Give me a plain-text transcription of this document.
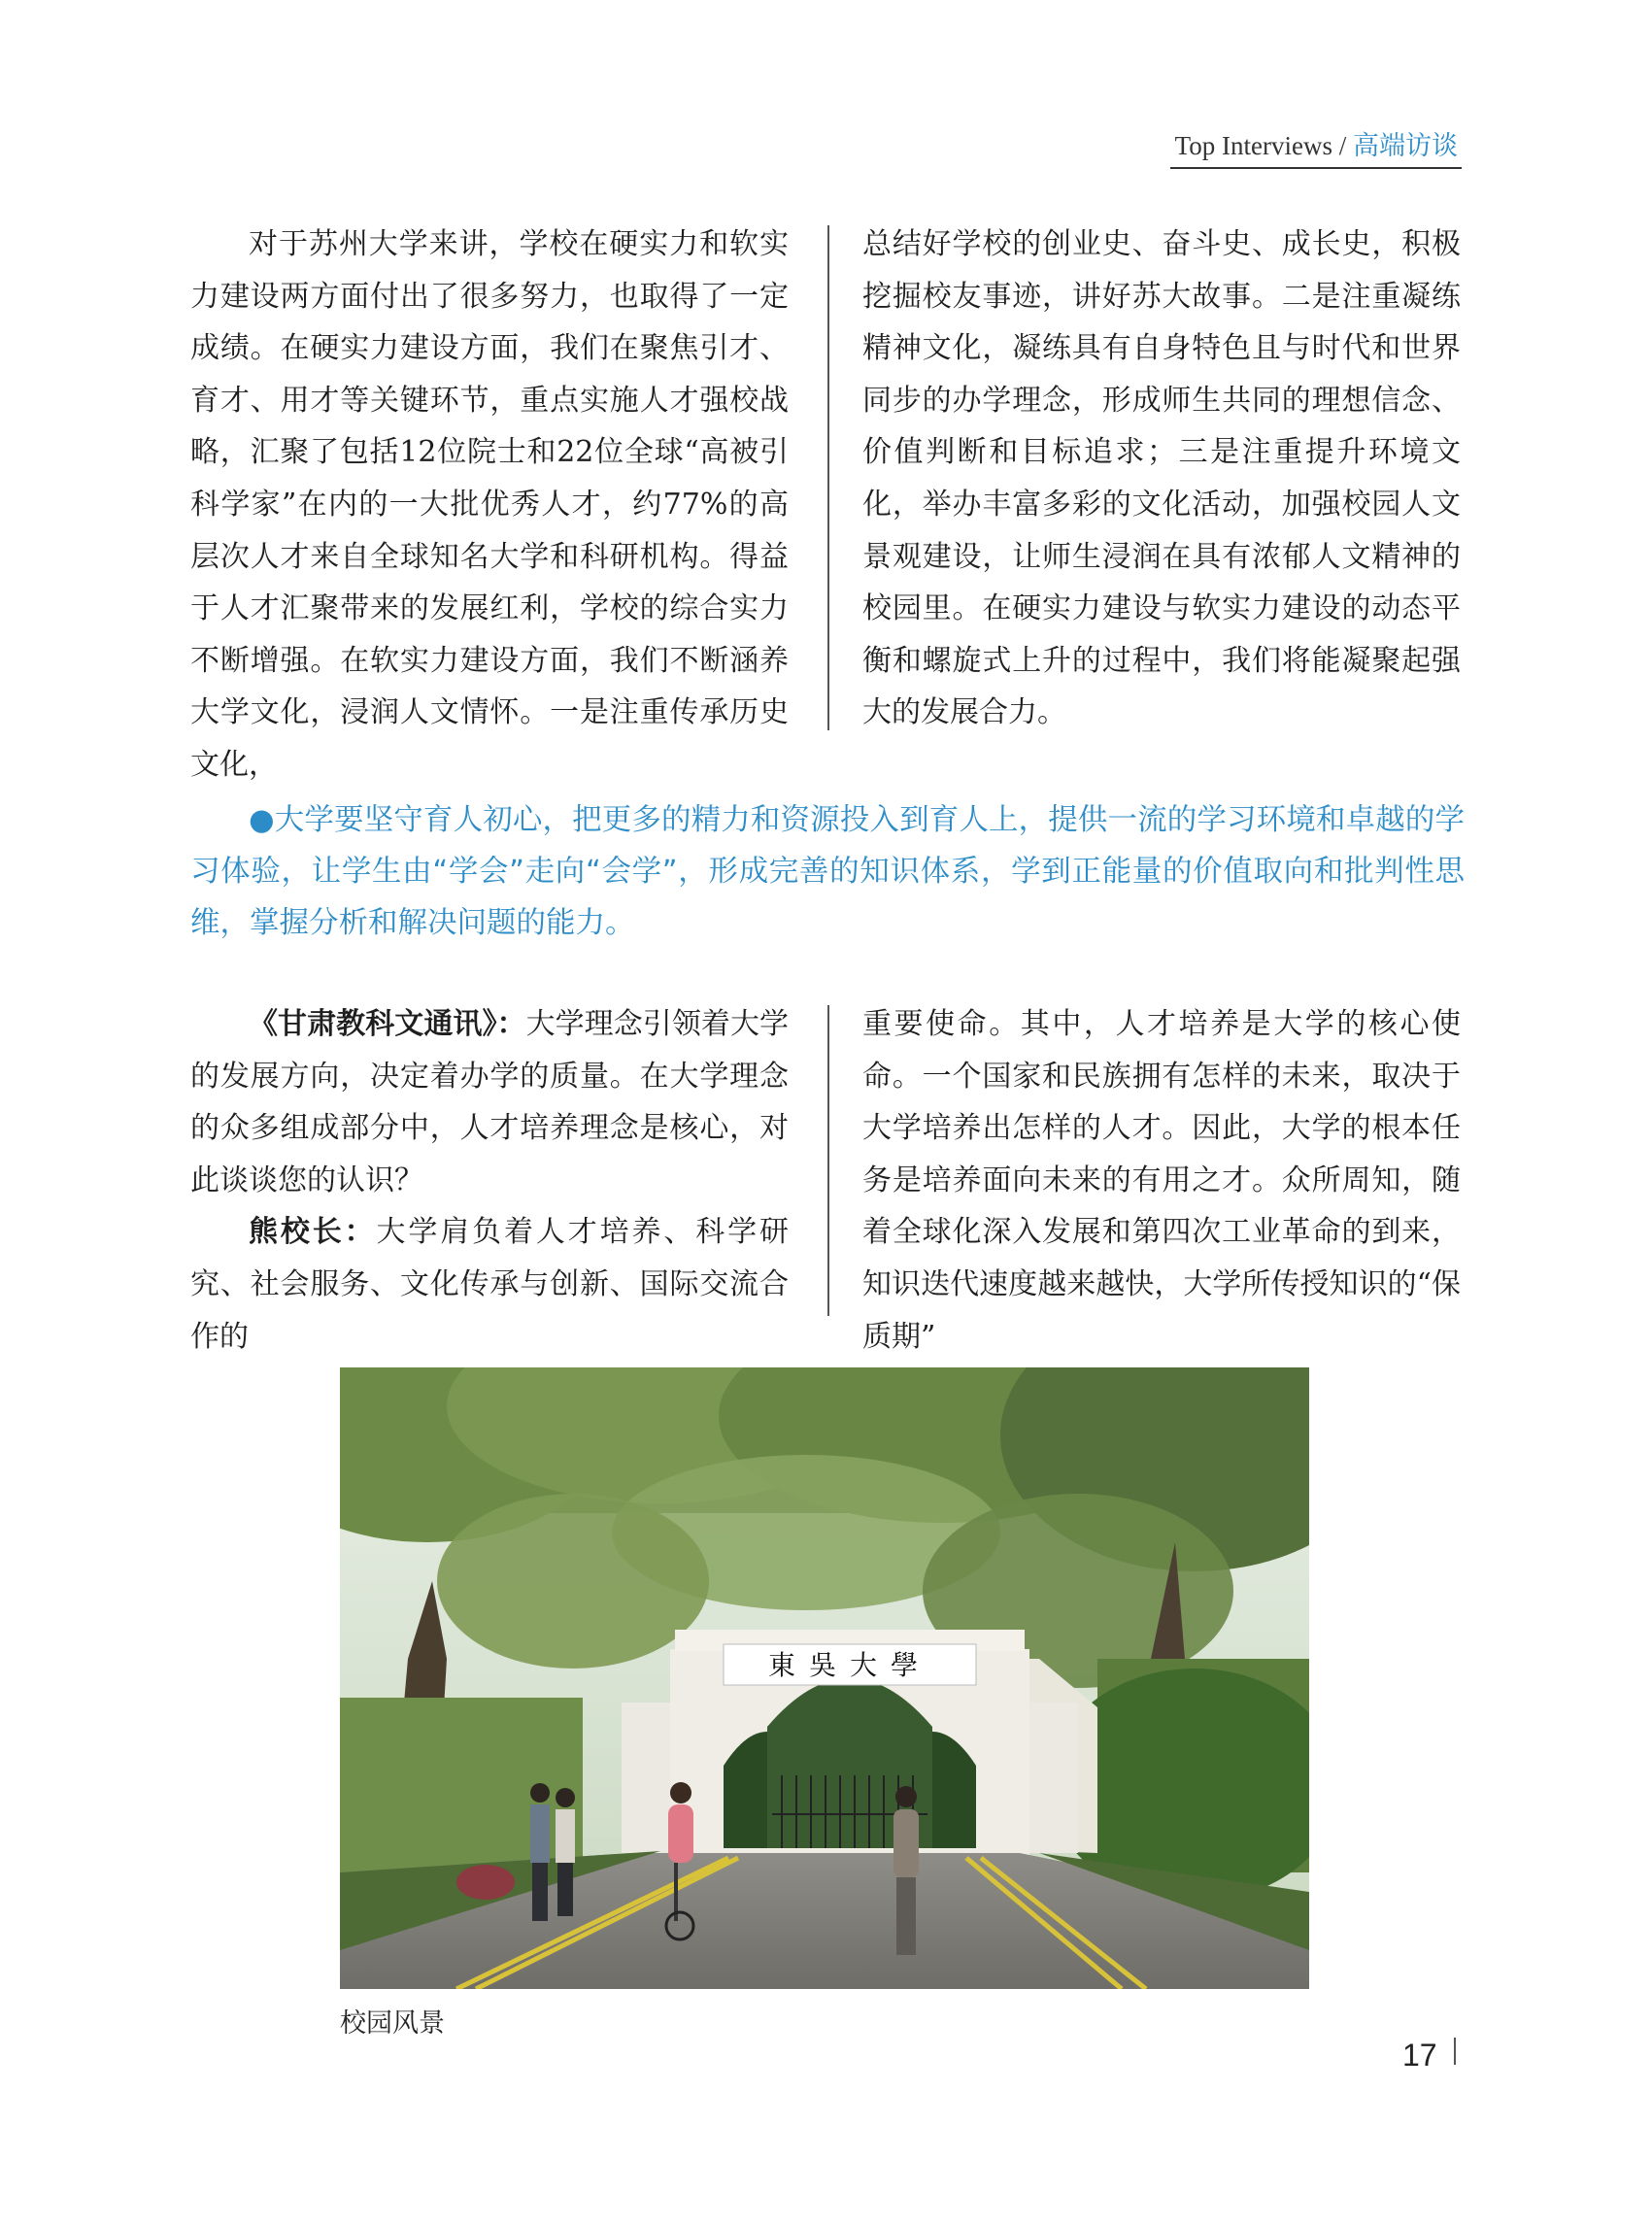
Top Interviews / 高端访谈

对于苏州大学来讲，学校在硬实力和软实力建设两方面付出了很多努力，也取得了一定成绩。在硬实力建设方面，我们在聚焦引才、育才、用才等关键环节，重点实施人才强校战略，汇聚了包括12位院士和22位全球“高被引科学家”在内的一大批优秀人才，约77%的高层次人才来自全球知名大学和科研机构。得益于人才汇聚带来的发展红利，学校的综合实力不断增强。在软实力建设方面，我们不断涵养大学文化，浸润人文情怀。一是注重传承历史文化，

总结好学校的创业史、奋斗史、成长史，积极挖掘校友事迹，讲好苏大故事。二是注重凝练精神文化，凝练具有自身特色且与时代和世界同步的办学理念，形成师生共同的理想信念、价值判断和目标追求；三是注重提升环境文化，举办丰富多彩的文化活动，加强校园人文景观建设，让师生浸润在具有浓郁人文精神的校园里。在硬实力建设与软实力建设的动态平衡和螺旋式上升的过程中，我们将能凝聚起强大的发展合力。

●大学要坚守育人初心，把更多的精力和资源投入到育人上，提供一流的学习环境和卓越的学习体验，让学生由“学会”走向“会学”，形成完善的知识体系，学到正能量的价值取向和批判性思维，掌握分析和解决问题的能力。

《甘肃教科文通讯》：大学理念引领着大学的发展方向，决定着办学的质量。在大学理念的众多组成部分中，人才培养理念是核心，对此谈谈您的认识？

熊校长：大学肩负着人才培养、科学研究、社会服务、文化传承与创新、国际交流合作的

重要使命。其中，人才培养是大学的核心使命。一个国家和民族拥有怎样的未来，取决于大学培养出怎样的人才。因此，大学的根本任务是培养面向未来的有用之才。众所周知，随着全球化深入发展和第四次工业革命的到来，知识迭代速度越来越快，大学所传授知识的“保质期”

東吳大學
校园风景
17
